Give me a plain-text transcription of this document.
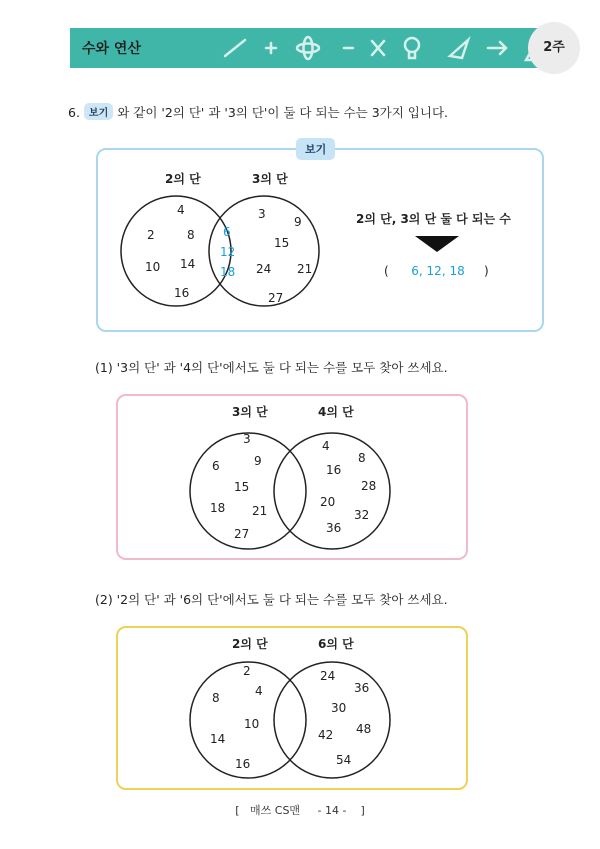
수와 연산	2주
6. 보기 와 같이 '2의 단' 과 '3의 단'이 둘 다 되는 수는 3가지 입니다.
보기
2의 단	3의 단
4
2	8
10 14
16
6
12
18
3
9
15
24 21
27
3의 단	4의 단
3
9
6
15
18 21
27
4
8
16
28
20
32
36
2의 단	6의 단
2
4
8
10
14
16
24
36
30
48
42
54
2의 단, 3의 단 둘 다 되는 수
(	6, 12, 18	)
(1) '3의 단' 과 '4의 단'에서도 둘 다 되는 수를 모두 찾아 쓰세요.
(2) '2의 단' 과 '6의 단'에서도 둘 다 되는 수를 모두 찾아 쓰세요.
[   매쓰 CS맨     - 14 -    ]
